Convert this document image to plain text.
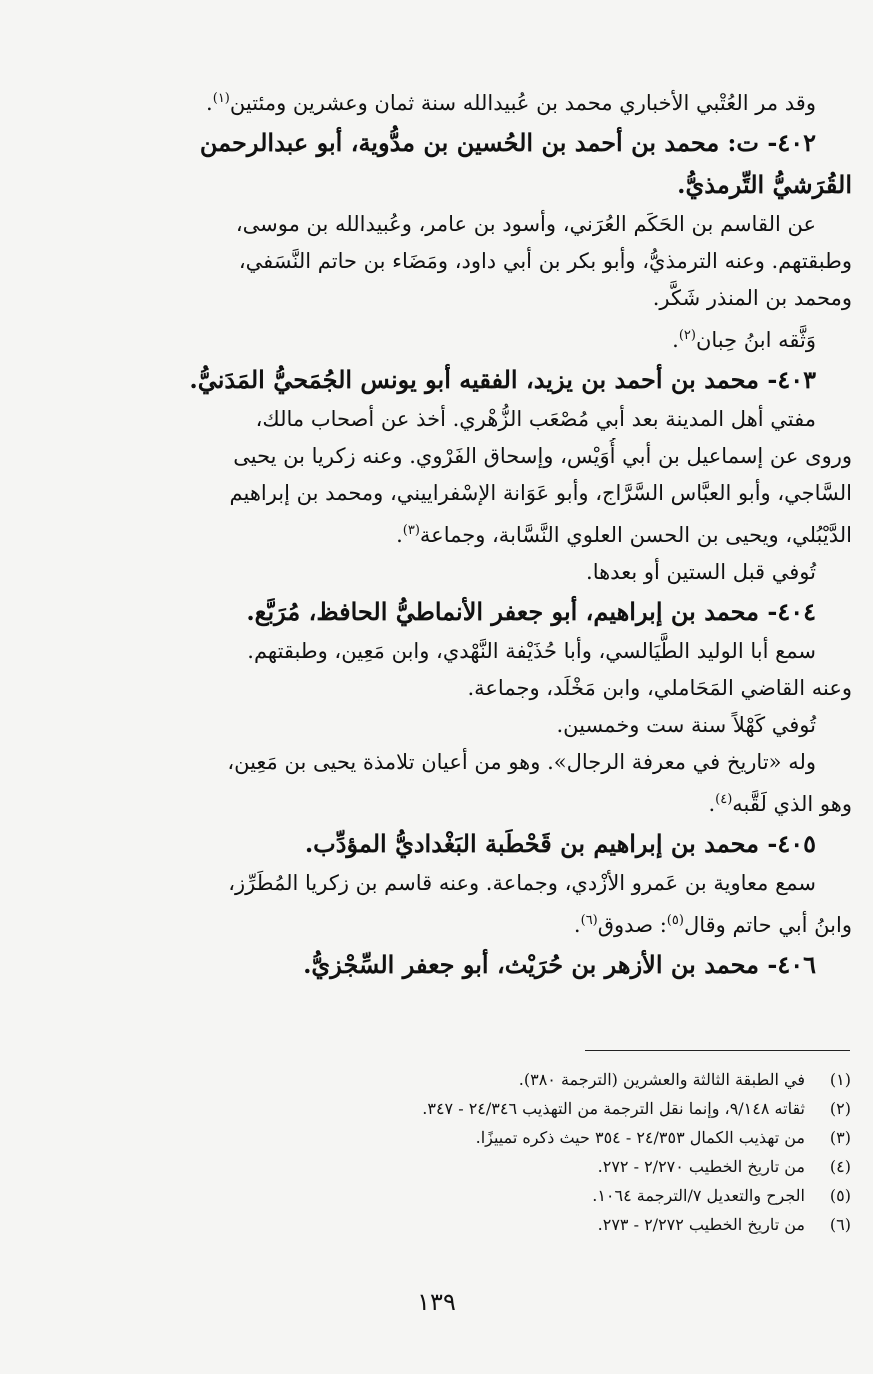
وقد مر العُتْبي الأخباري محمد بن عُبيدالله سنة ثمان وعشرين ومئتين$^{(١)}$.
٤٠٢- ت: محمد بن أحمد بن الحُسين بن مدُّوية، أبو عبدالرحمن
القُرَشيُّ التِّرمذيُّ.
عن القاسم بن الحَكَم العُرَني، وأسود بن عامر، وعُبيدالله بن موسى،
وطبقتهم. وعنه الترمذيُّ، وأبو بكر بن أبي داود، ومَضَاء بن حاتم النَّسَفي،
ومحمد بن المنذر شَكَّر.
وَثَّقه ابنُ حِبان$^{(٢)}$.
٤٠٣- محمد بن أحمد بن يزيد، الفقيه أبو يونس الجُمَحيُّ المَدَنيُّ.
مفتي أهل المدينة بعد أبي مُصْعَب الزُّهْري. أخذ عن أصحاب مالك،
وروى عن إسماعيل بن أبي أُوَيْس، وإسحاق الفَرْوي. وعنه زكريا بن يحيى
السَّاجي، وأبو العبَّاس السَّرَّاج، وأبو عَوَانة الإسْفراييني، ومحمد بن إبراهيم
الدَّيْبُلي، ويحيى بن الحسن العلوي النَّسَّابة، وجماعة$^{(٣)}$.
تُوفي قبل الستين أو بعدها.
٤٠٤- محمد بن إبراهيم، أبو جعفر الأنماطيُّ الحافظ، مُرَبَّع.
سمع أبا الوليد الطَّيَالسي، وأبا حُذَيْفة النَّهْدي، وابن مَعِين، وطبقتهم.
وعنه القاضي المَحَاملي، وابن مَخْلَد، وجماعة.
تُوفي كَهْلاً سنة ست وخمسين.
وله «تاريخ في معرفة الرجال». وهو من أعيان تلامذة يحيى بن مَعِين،
وهو الذي لَقَّبه$^{(٤)}$.
٤٠٥- محمد بن إبراهيم بن قَحْطَبة البَغْداديُّ المؤدِّب.
سمع معاوية بن عَمرو الأزْدي، وجماعة. وعنه قاسم بن زكريا المُطَرِّز،
وابنُ أبي حاتم وقال$^{(٥)}$: صدوق$^{(٦)}$.
٤٠٦- محمد بن الأزهر بن حُرَيْث، أبو جعفر السِّجْزيُّ.
(١)في الطبقة الثالثة والعشرين (الترجمة ٣٨٠).
(٢)ثقاته ٩/١٤٨، وإنما نقل الترجمة من التهذيب ٢٤/٣٤٦ - ٣٤٧.
(٣)من تهذيب الكمال ٢٤/٣٥٣ - ٣٥٤ حيث ذكره تمييزًا.
(٤)من تاريخ الخطيب ٢/٢٧٠ - ٢٧٢.
(٥)الجرح والتعديل ٧/الترجمة ١٠٦٤.
(٦)من تاريخ الخطيب ٢/٢٧٢ - ٢٧٣.
١٣٩
